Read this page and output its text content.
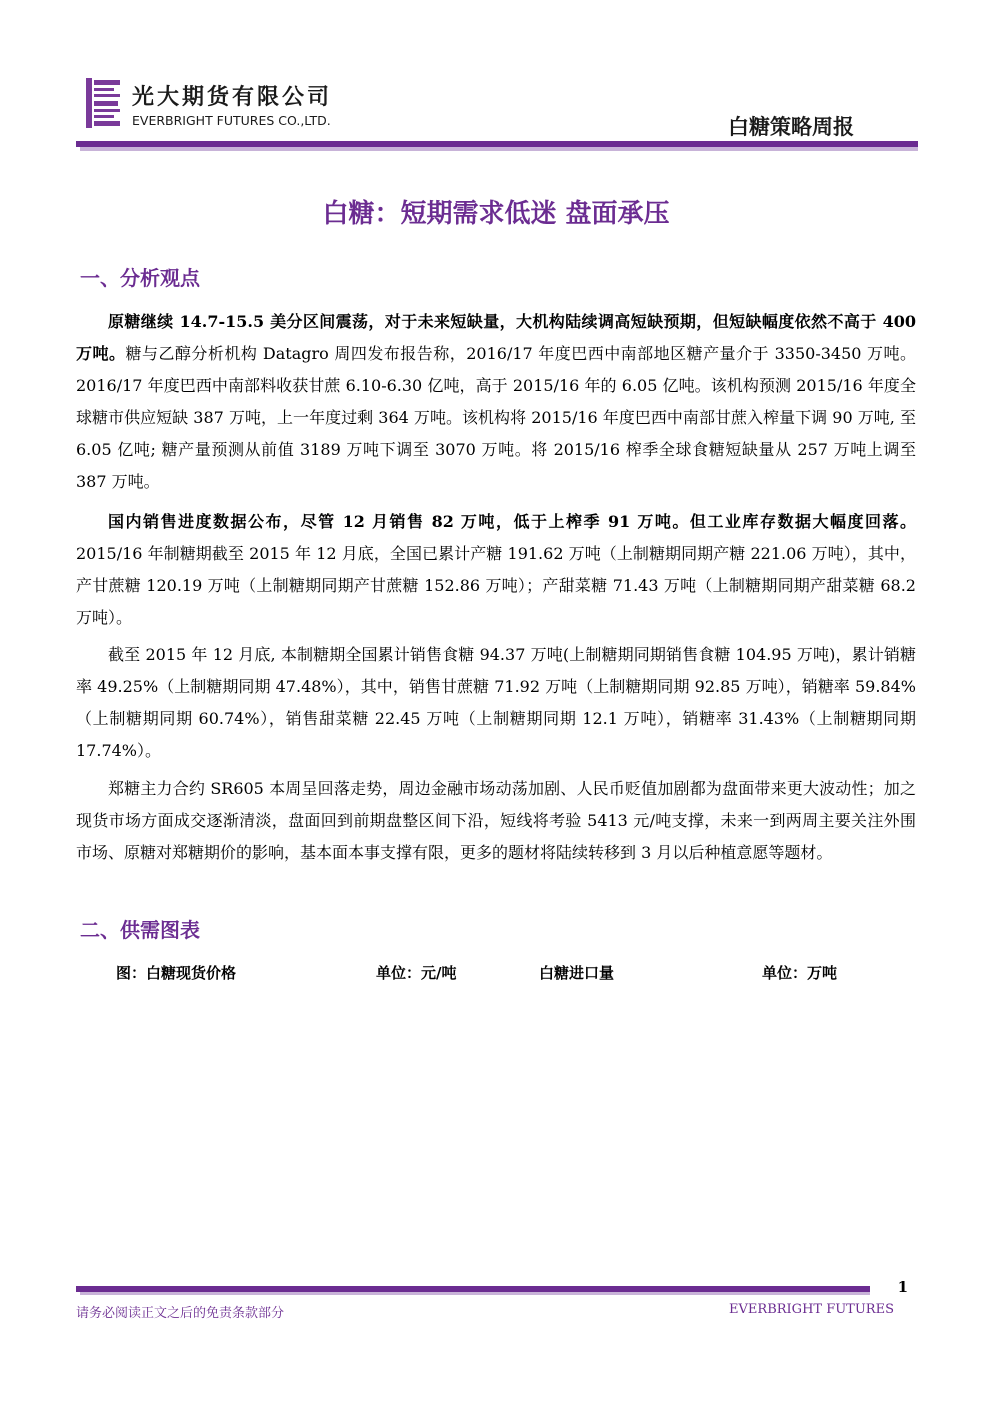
光大期货有限公司
EVERBRIGHT FUTURES CO.,LTD.	白糖策略周报
白糖：短期需求低迷 盘面承压
一、分析观点
原糖继续 14.7-15.5 美分区间震荡，对于未来短缺量，大机构陆续调高短缺预期，但短缺幅度依然不高于 400 万吨。糖与乙醇分析机构 Datagro 周四发布报告称，2016/17 年度巴西中南部地区糖产量介于 3350-3450 万吨。2016/17 年度巴西中南部料收获甘蔗 6.10-6.30 亿吨，高于 2015/16 年的 6.05 亿吨。该机构预测 2015/16 年度全球糖市供应短缺 387 万吨，上一年度过剩 364 万吨。该机构将 2015/16 年度巴西中南部甘蔗入榨量下调 90 万吨, 至 6.05 亿吨; 糖产量预测从前值 3189 万吨下调至 3070 万吨。将 2015/16 榨季全球食糖短缺量从 257 万吨上调至 387 万吨。
国内销售进度数据公布，尽管 12 月销售 82 万吨，低于上榨季 91 万吨。但工业库存数据大幅度回落。 2015/16 年制糖期截至 2015 年 12 月底，全国已累计产糖 191.62 万吨（上制糖期同期产糖 221.06 万吨），其中，产甘蔗糖 120.19 万吨（上制糖期同期产甘蔗糖 152.86 万吨）；产甜菜糖 71.43 万吨（上制糖期同期产甜菜糖 68.2 万吨）。
截至 2015 年 12 月底, 本制糖期全国累计销售食糖 94.37 万吨(上制糖期同期销售食糖 104.95 万吨)，累计销糖率 49.25%（上制糖期同期 47.48%），其中，销售甘蔗糖 71.92 万吨（上制糖期同期 92.85 万吨），销糖率 59.84%（上制糖期同期 60.74%），销售甜菜糖 22.45 万吨（上制糖期同期 12.1 万吨），销糖率 31.43%（上制糖期同期 17.74%）。
郑糖主力合约 SR605 本周呈回落走势，周边金融市场动荡加剧、人民币贬值加剧都为盘面带来更大波动性；加之现货市场方面成交逐渐清淡，盘面回到前期盘整区间下沿，短线将考验 5413 元/吨支撑，未来一到两周主要关注外围市场、原糖对郑糖期价的影响，基本面本事支撑有限，更多的题材将陆续转移到 3 月以后种植意愿等题材。
二、供需图表
图：白糖现货价格	单位：元/吨	白糖进口量	单位：万吨
1
请务必阅读正文之后的免责条款部分	EVERBRIGHT FUTURES
